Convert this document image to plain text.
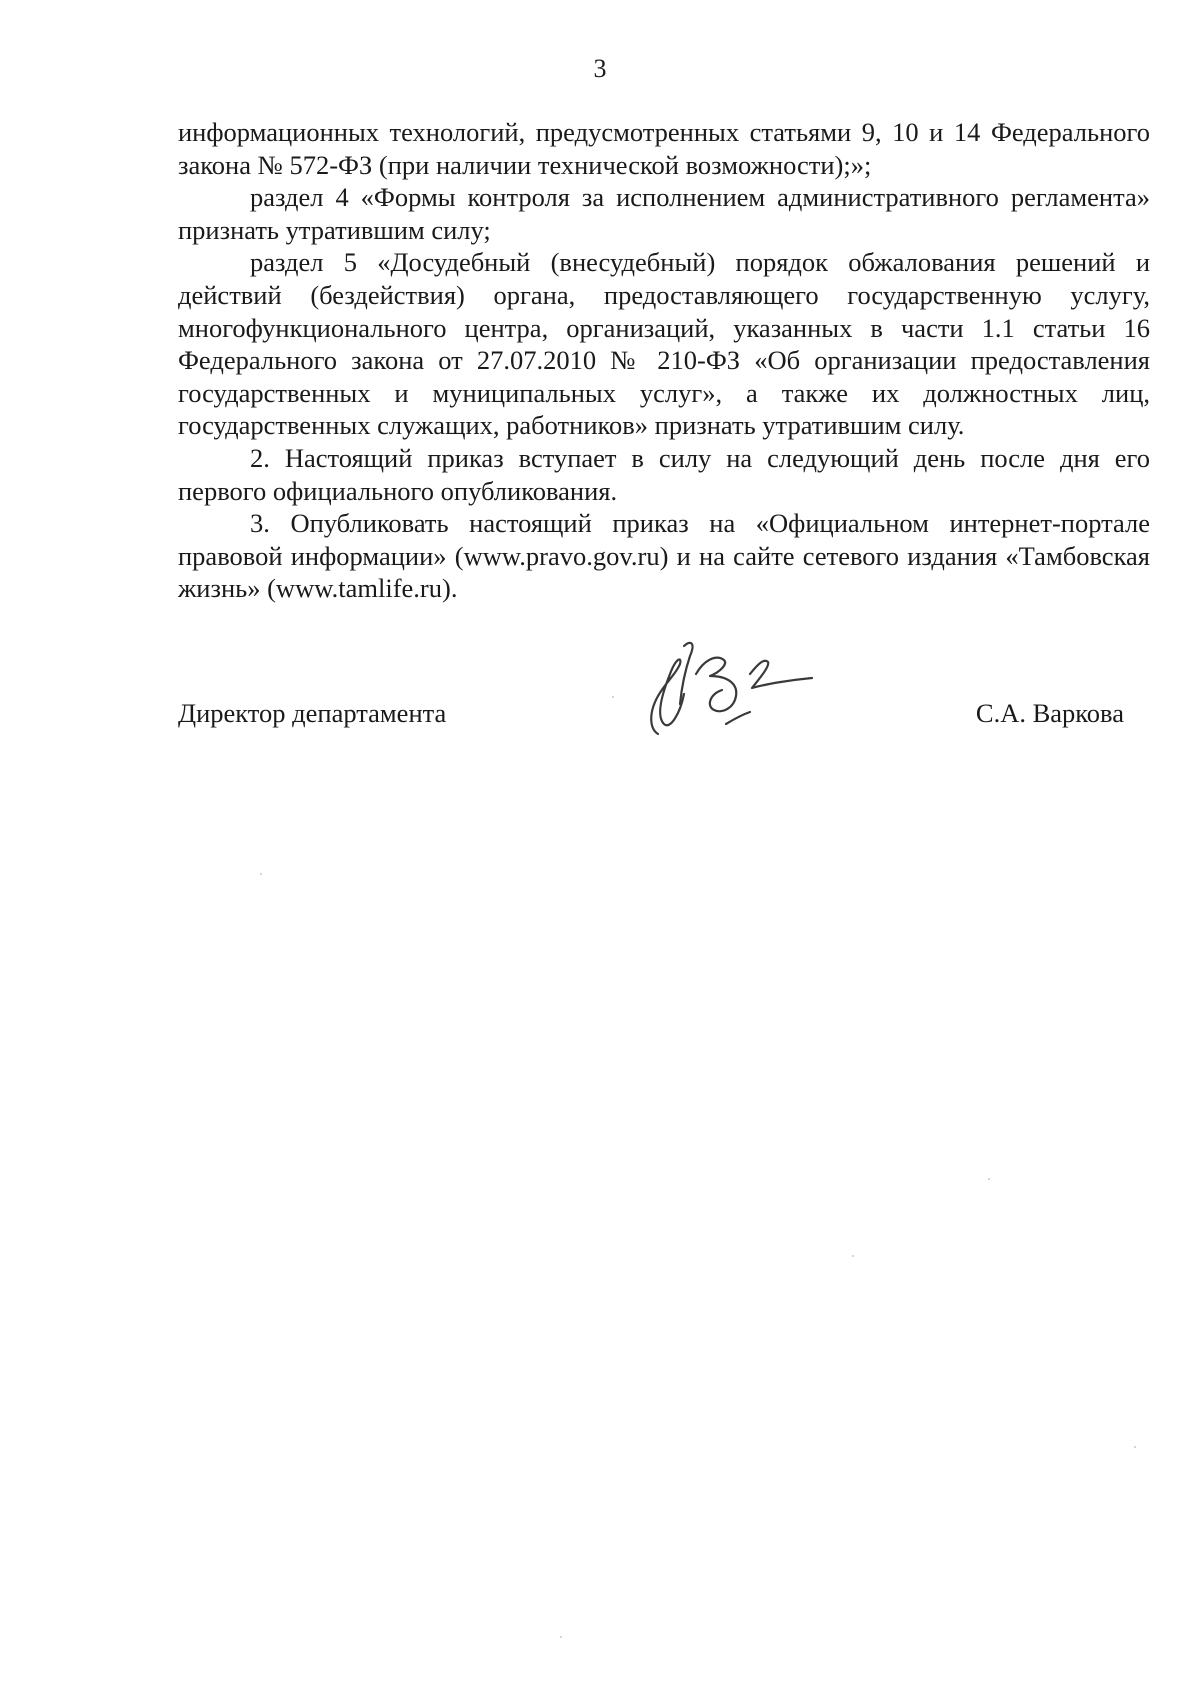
3

информационных технологий, предусмотренных статьями 9, 10 и 14 Федерального закона № 572-ФЗ (при наличии технической возможности);»;

раздел 4 «Формы контроля за исполнением административного регламента» признать утратившим силу;

раздел 5 «Досудебный (внесудебный) порядок обжалования решений и действий (бездействия) органа, предоставляющего государственную услугу, многофункционального центра, организаций, указанных в части 1.1 статьи 16 Федерального закона от 27.07.2010 № 210-ФЗ «Об организации предоставления государственных и муниципальных услуг», а также их должностных лиц, государственных служащих, работников» признать утратившим силу.

2. Настоящий приказ вступает в силу на следующий день после дня его первого официального опубликования.

3. Опубликовать настоящий приказ на «Официальном интернет-портале правовой информации» (www.pravo.gov.ru) и на сайте сетевого издания «Тамбовская жизнь» (www.tamlife.ru).

Директор департамента	С.А. Варкова
